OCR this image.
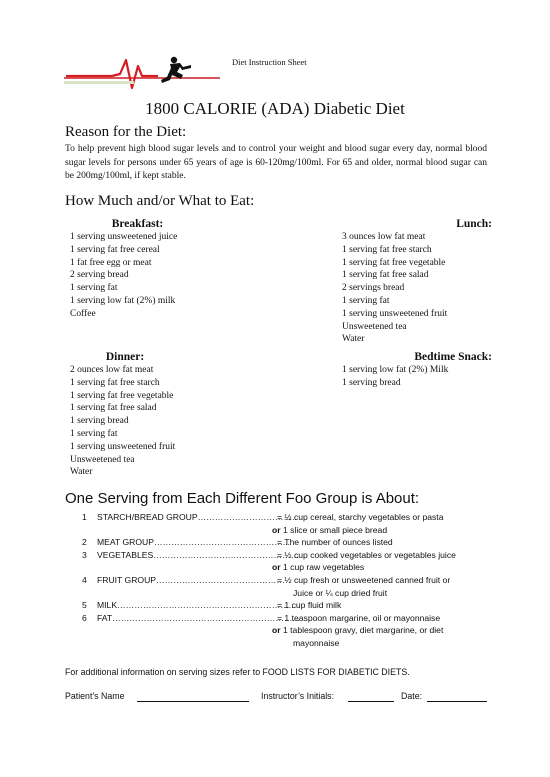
Diet Instruction Sheet
1800 CALORIE (ADA) Diabetic Diet
Reason for the Diet:
To help prevent high blood sugar levels and to control your weight and blood sugar every day, normal blood sugar levels for persons under 65 years of age is 60-120mg/100ml. For 65 and older, normal blood sugar can be 200mg/100ml, if kept stable.
How Much and/or What to Eat:
Breakfast:
1 serving unsweetened juice
1 serving fat free cereal
1 fat free egg or meat
2 serving bread
1 serving fat
1 serving low fat (2%) milk
Coffee
Lunch:
3 ounces low fat meat
1 serving fat free starch
1 serving fat free vegetable
1 serving fat free salad
2 servings bread
1 serving fat
1 serving unsweetened fruit
Unsweetened tea
Water
Dinner:
2 ounces low fat meat
1 serving fat free starch
1 serving fat free vegetable
1 serving fat free salad
1 serving bread
1 serving fat
1 serving unsweetened fruit
Unsweetened tea
Water
Bedtime Snack:
1 serving low fat (2%) Milk
1 serving bread
One Serving from Each Different Foo Group is About:
1 STARCH/BREAD GROUP……………………………..
= ½ cup cereal, starchy vegetables or pasta
or 1 slice or small piece bread
2 MEAT GROUP………………………………………...
= The number of ounces listed
3 VEGETABLES……………………………………………
= ½ cup cooked vegetables or vegetables juice
or 1 cup raw vegetables
4 FRUIT GROUP………………………………………
= ½ cup fresh or unsweetened canned fruit or
Juice or ¼ cup dried fruit
5 MILK……………………………………………………...
= 1 cup fluid milk
6 FAT………………………………………………………...
= 1 teaspoon margarine, oil or mayonnaise
or 1 tablespoon gravy, diet margarine, or diet
mayonnaise
For additional information on serving sizes refer to FOOD LISTS FOR DIABETIC DIETS.
Patient’s Name	Instructor’s Initials:	Date:
